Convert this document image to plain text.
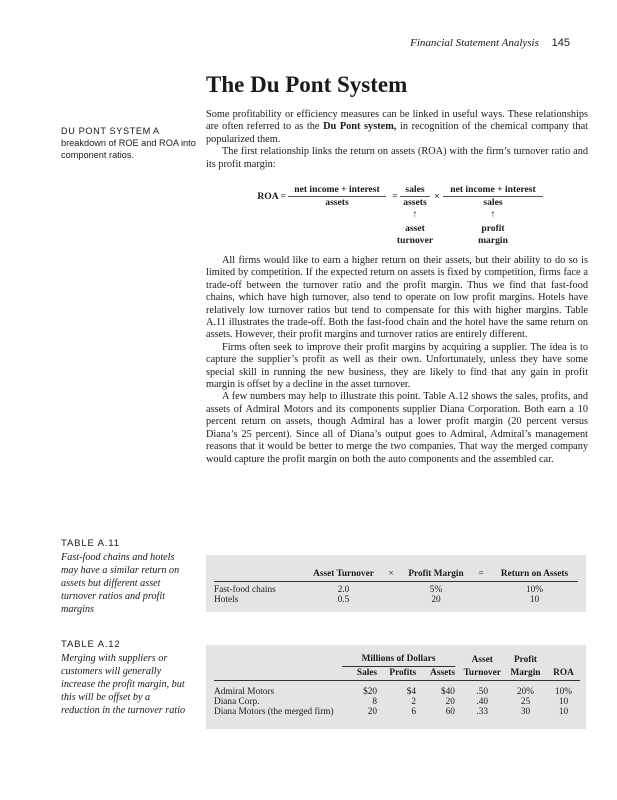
Financial Statement Analysis 145
The Du Pont System
DU PONT SYSTEM A breakdown of ROE and ROA into component ratios.

Some profitability or efficiency measures can be linked in useful ways. These relationships are often referred to as the Du Pont system, in recognition of the chemical company that popularized them.

The first relationship links the return on assets (ROA) with the firm’s turnover ratio and its profit margin:

ROA =
net income + interest
assets
=
sales
assets
×
net income + interest
sales
↑	↑
asset
turnover
profit
margin

All firms would like to earn a higher return on their assets, but their ability to do so is limited by competition. If the expected return on assets is fixed by competition, firms face a trade-off between the turnover ratio and the profit margin. Thus we find that fast-food chains, which have high turnover, also tend to operate on low profit margins. Hotels have relatively low turnover ratios but tend to compensate for this with higher margins. Table A.11 illustrates the trade-off. Both the fast-food chain and the hotel have the same return on assets. However, their profit margins and turnover ratios are entirely different.

Firms often seek to improve their profit margins by acquiring a supplier. The idea is to capture the supplier’s profit as well as their own. Unfortunately, unless they have some special skill in running the new business, they are likely to find that any gain in profit margin is offset by a decline in the asset turnover.

A few numbers may help to illustrate this point. Table A.12 shows the sales, profits, and assets of Admiral Motors and its components supplier Diana Corporation. Both earn a 10 percent return on assets, though Admiral has a lower profit margin (20 percent versus Diana’s 25 percent). Since all of Diana’s output goes to Admiral, Admiral’s management reasons that it would be better to merge the two companies. That way the merged company would capture the profit margin on both the auto components and the assembled car.

TABLE A.11
Fast-food chains and hotels may have a similar return on assets but different asset turnover ratios and profit margins
	Asset Turnover	×	Profit Margin	=	Return on Assets
Fast-food chains	2.0		5%		10%
Hotels	0.5		20		10
TABLE A.12
Merging with suppliers or customers will generally increase the profit margin, but this will be offset by a reduction in the turnover ratio
	Millions of Dollars				Asset	Profit	
	Sales	Profits	Assets		Turnover	Margin	ROA
Admiral Motors	$20	$4	$40		.50	20%	10%
Diana Corp.	8	2	20		.40	25	10
Diana Motors (the merged firm)	20	6	60		.33	30	10
